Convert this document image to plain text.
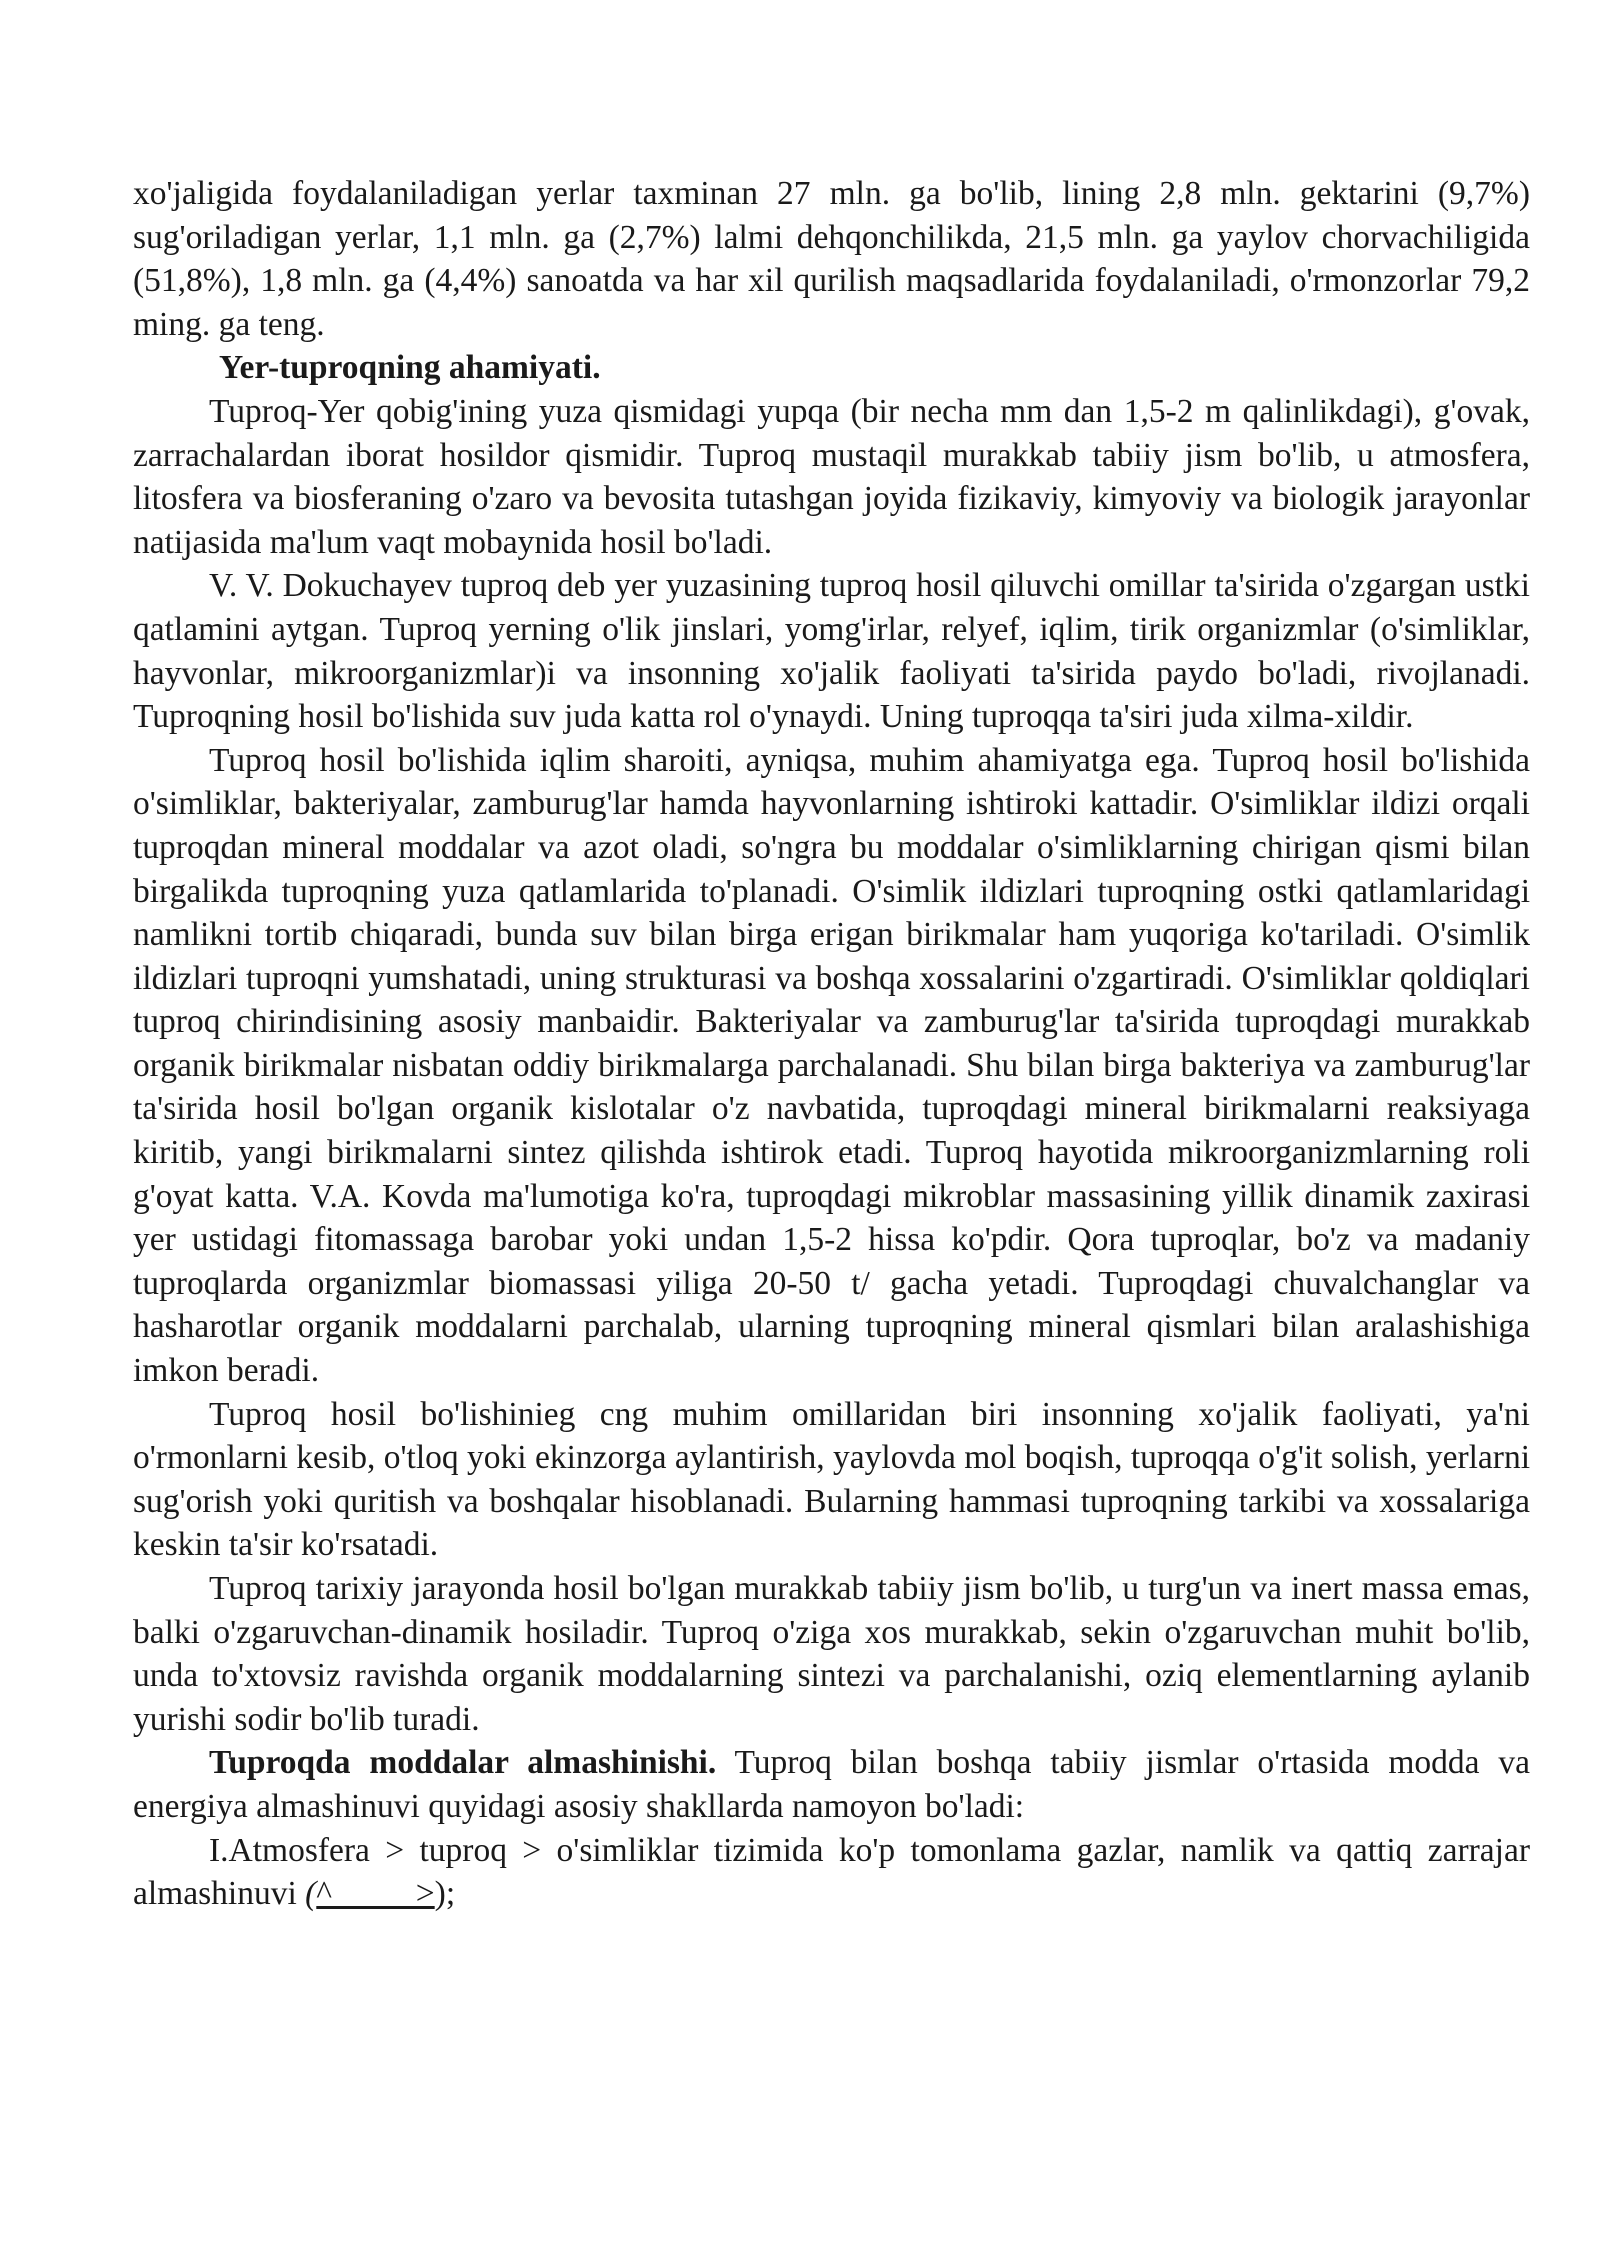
xo'jaligida foydalaniladigan yerlar taxminan 27 mln. ga bo'lib, lining 2,8 mln. gektarini (9,7%) sug'oriladigan yerlar, 1,1 mln. ga (2,7%) lalmi dehqonchilikda, 21,5 mln. ga yaylov chorvachiligida (51,8%), 1,8 mln. ga (4,4%) sanoatda va har xil qurilish maqsadlarida foydalaniladi, o'rmonzorlar 79,2 ming. ga teng.

Yer-tuproqning ahamiyati.

Tuproq-Yer qobig'ining yuza qismidagi yupqa (bir necha mm dan 1,5-2 m qalinlikdagi), g'ovak, zarrachalardan iborat hosildor qismidir. Tuproq mustaqil murakkab tabiiy jism bo'lib, u atmosfera, litosfera va biosferaning o'zaro va bevosita tutashgan joyida fizikaviy, kimyoviy va biologik jarayonlar natijasida ma'lum vaqt mobaynida hosil bo'ladi.

V. V. Dokuchayev tuproq deb yer yuzasining tuproq hosil qiluvchi omillar ta'sirida o'zgargan ustki qatlamini aytgan. Tuproq yerning o'lik jinslari, yomg'irlar, relyef, iqlim, tirik organizmlar (o'simliklar, hayvonlar, mikroorganizmlar)i va insonning xo'jalik faoliyati ta'sirida paydo bo'ladi, rivojlanadi. Tuproqning hosil bo'lishida suv juda katta rol o'ynaydi. Uning tuproqqa ta'siri juda xilma-xildir.

Tuproq hosil bo'lishida iqlim sharoiti, ayniqsa, muhim ahamiyatga ega. Tuproq hosil bo'lishida o'simliklar, bakteriyalar, zamburug'lar hamda hayvonlarning ishtiroki kattadir. O'simliklar ildizi orqali tuproqdan mineral moddalar va azot oladi, so'ngra bu moddalar o'simliklarning chirigan qismi bilan birgalikda tuproqning yuza qatlamlarida to'planadi. O'simlik ildizlari tuproqning ostki qatlamlaridagi namlikni tortib chiqaradi, bunda suv bilan birga erigan birikmalar ham yuqoriga ko'tariladi. O'simlik ildizlari tuproqni yumshatadi, uning strukturasi va boshqa xossalarini o'zgartiradi. O'simliklar qoldiqlari tuproq chirindisining asosiy manbaidir. Bakteriyalar va zamburug'lar ta'sirida tuproqdagi murakkab organik birikmalar nisbatan oddiy birikmalarga parchalanadi. Shu bilan birga bakteriya va zamburug'lar ta'sirida hosil bo'lgan organik kislotalar o'z navbatida, tuproqdagi mineral birikmalarni reaksiyaga kiritib, yangi birikmalarni sintez qilishda ishtirok etadi. Tuproq hayotida mikroorganizmlarning roli g'oyat katta. V.A. Kovda ma'lumotiga ko'ra, tuproqdagi mikroblar massasining yillik dinamik zaxirasi yer ustidagi fitomassaga barobar yoki undan 1,5-2 hissa ko'pdir. Qora tuproqlar, bo'z va madaniy tuproqlarda organizmlar biomassasi yiliga 20-50 t/ gacha yetadi. Tuproqdagi chuvalchanglar va hasharotlar organik moddalarni parchalab, ularning tuproqning mineral qismlari bilan aralashishiga imkon beradi.

Tuproq hosil bo'lishinieg cng muhim omillaridan biri insonning xo'jalik faoliyati, ya'ni o'rmonlarni kesib, o'tloq yoki ekinzorga aylantirish, yaylovda mol boqish, tuproqqa o'g'it solish, yerlarni sug'orish yoki quritish va boshqalar hisoblanadi. Bularning hammasi tuproqning tarkibi va xossalariga keskin ta'sir ko'rsatadi.

Tuproq tarixiy jarayonda hosil bo'lgan murakkab tabiiy jism bo'lib, u turg'un va inert massa emas, balki o'zgaruvchan-dinamik hosiladir. Tuproq o'ziga xos murakkab, sekin o'zgaruvchan muhit bo'lib, unda to'xtovsiz ravishda organik moddalarning sintezi va parchalanishi, oziq elementlarning aylanib yurishi sodir bo'lib turadi.

Tuproqda moddalar almashinishi. Tuproq bilan boshqa tabiiy jismlar o'rtasida modda va energiya almashinuvi quyidagi asosiy shakllarda namoyon bo'ladi:

I.Atmosfera > tuproq > o'simliklar tizimida ko'p tomonlama gazlar, namlik va qattiq zarrajar almashinuvi (^_____>);
